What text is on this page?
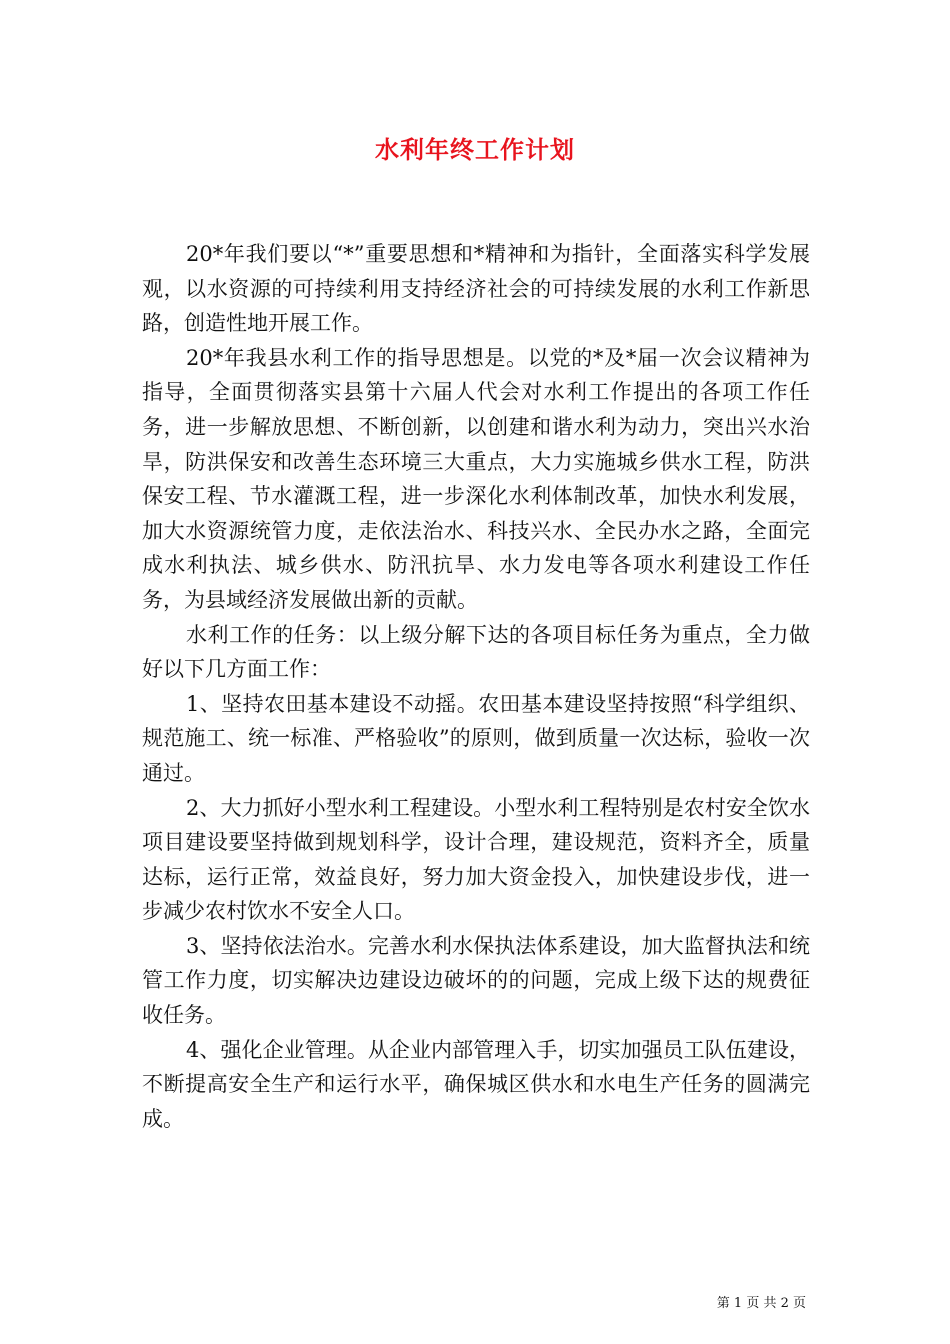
水利年终工作计划

20*年我们要以“*”重要思想和*精神和为指针，全面落实科学发展观，以水资源的可持续利用支持经济社会的可持续发展的水利工作新思路，创造性地开展工作。

20*年我县水利工作的指导思想是。以党的*及*届一次会议精神为指导，全面贯彻落实县第十六届人代会对水利工作提出的各项工作任务，进一步解放思想、不断创新，以创建和谐水利为动力，突出兴水治旱，防洪保安和改善生态环境三大重点，大力实施城乡供水工程，防洪保安工程、节水灌溉工程，进一步深化水利体制改革，加快水利发展，加大水资源统管力度，走依法治水、科技兴水、全民办水之路，全面完成水利执法、城乡供水、防汛抗旱、水力发电等各项水利建设工作任务，为县域经济发展做出新的贡献。

水利工作的任务：以上级分解下达的各项目标任务为重点，全力做好以下几方面工作：

1、坚持农田基本建设不动摇。农田基本建设坚持按照“科学组织、规范施工、统一标准、严格验收”的原则，做到质量一次达标，验收一次通过。

2、大力抓好小型水利工程建设。小型水利工程特别是农村安全饮水项目建设要坚持做到规划科学，设计合理，建设规范，资料齐全，质量达标，运行正常，效益良好，努力加大资金投入，加快建设步伐，进一步减少农村饮水不安全人口。

3、坚持依法治水。完善水利水保执法体系建设，加大监督执法和统管工作力度，切实解决边建设边破坏的的问题，完成上级下达的规费征收任务。

4、强化企业管理。从企业内部管理入手，切实加强员工队伍建设，不断提高安全生产和运行水平，确保城区供水和水电生产任务的圆满完成。

第 1 页 共 2 页
